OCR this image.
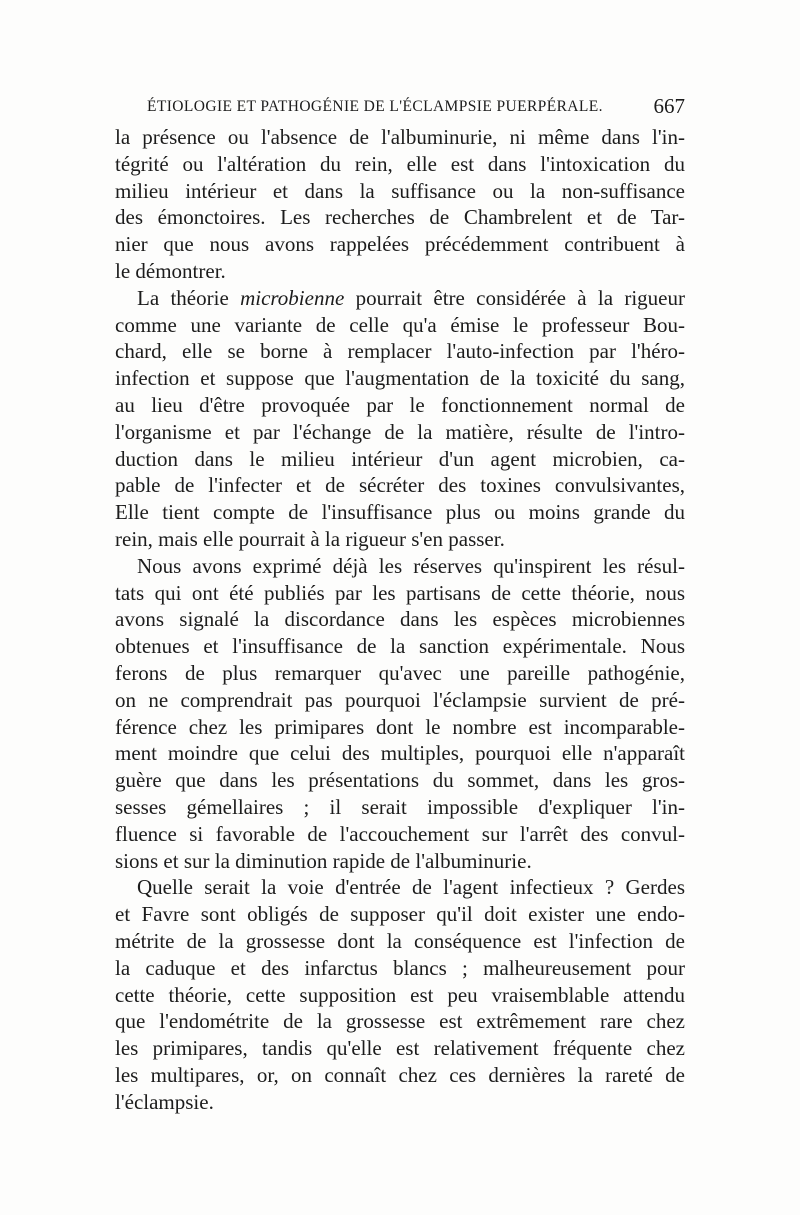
ÉTIOLOGIE ET PATHOGÉNIE DE L'ÉCLAMPSIE PUERPÉRALE. 667
la présence ou l'absence de l'albuminurie, ni même dans l'in-
tégrité ou l'altération du rein, elle est dans l'intoxication du
milieu intérieur et dans la suffisance ou la non-suffisance
des émonctoires. Les recherches de Chambrelent et de Tar-
nier que nous avons rappelées précédemment contribuent à
le démontrer.
La théorie microbienne pourrait être considérée à la rigueur
comme une variante de celle qu'a émise le professeur Bou-
chard, elle se borne à remplacer l'auto-infection par l'héro-
infection et suppose que l'augmentation de la toxicité du sang,
au lieu d'être provoquée par le fonctionnement normal de
l'organisme et par l'échange de la matière, résulte de l'intro-
duction dans le milieu intérieur d'un agent microbien, ca-
pable de l'infecter et de sécréter des toxines convulsivantes,
Elle tient compte de l'insuffisance plus ou moins grande du
rein, mais elle pourrait à la rigueur s'en passer.
Nous avons exprimé déjà les réserves qu'inspirent les résul-
tats qui ont été publiés par les partisans de cette théorie, nous
avons signalé la discordance dans les espèces microbiennes
obtenues et l'insuffisance de la sanction expérimentale. Nous
ferons de plus remarquer qu'avec une pareille pathogénie,
on ne comprendrait pas pourquoi l'éclampsie survient de pré-
férence chez les primipares dont le nombre est incomparable-
ment moindre que celui des multiples, pourquoi elle n'apparaît
guère que dans les présentations du sommet, dans les gros-
sesses gémellaires ; il serait impossible d'expliquer l'in-
fluence si favorable de l'accouchement sur l'arrêt des convul-
sions et sur la diminution rapide de l'albuminurie.
Quelle serait la voie d'entrée de l'agent infectieux ? Gerdes
et Favre sont obligés de supposer qu'il doit exister une endo-
métrite de la grossesse dont la conséquence est l'infection de
la caduque et des infarctus blancs ; malheureusement pour
cette théorie, cette supposition est peu vraisemblable attendu
que l'endométrite de la grossesse est extrêmement rare chez
les primipares, tandis qu'elle est relativement fréquente chez
les multipares, or, on connaît chez ces dernières la rareté de
l'éclampsie.
